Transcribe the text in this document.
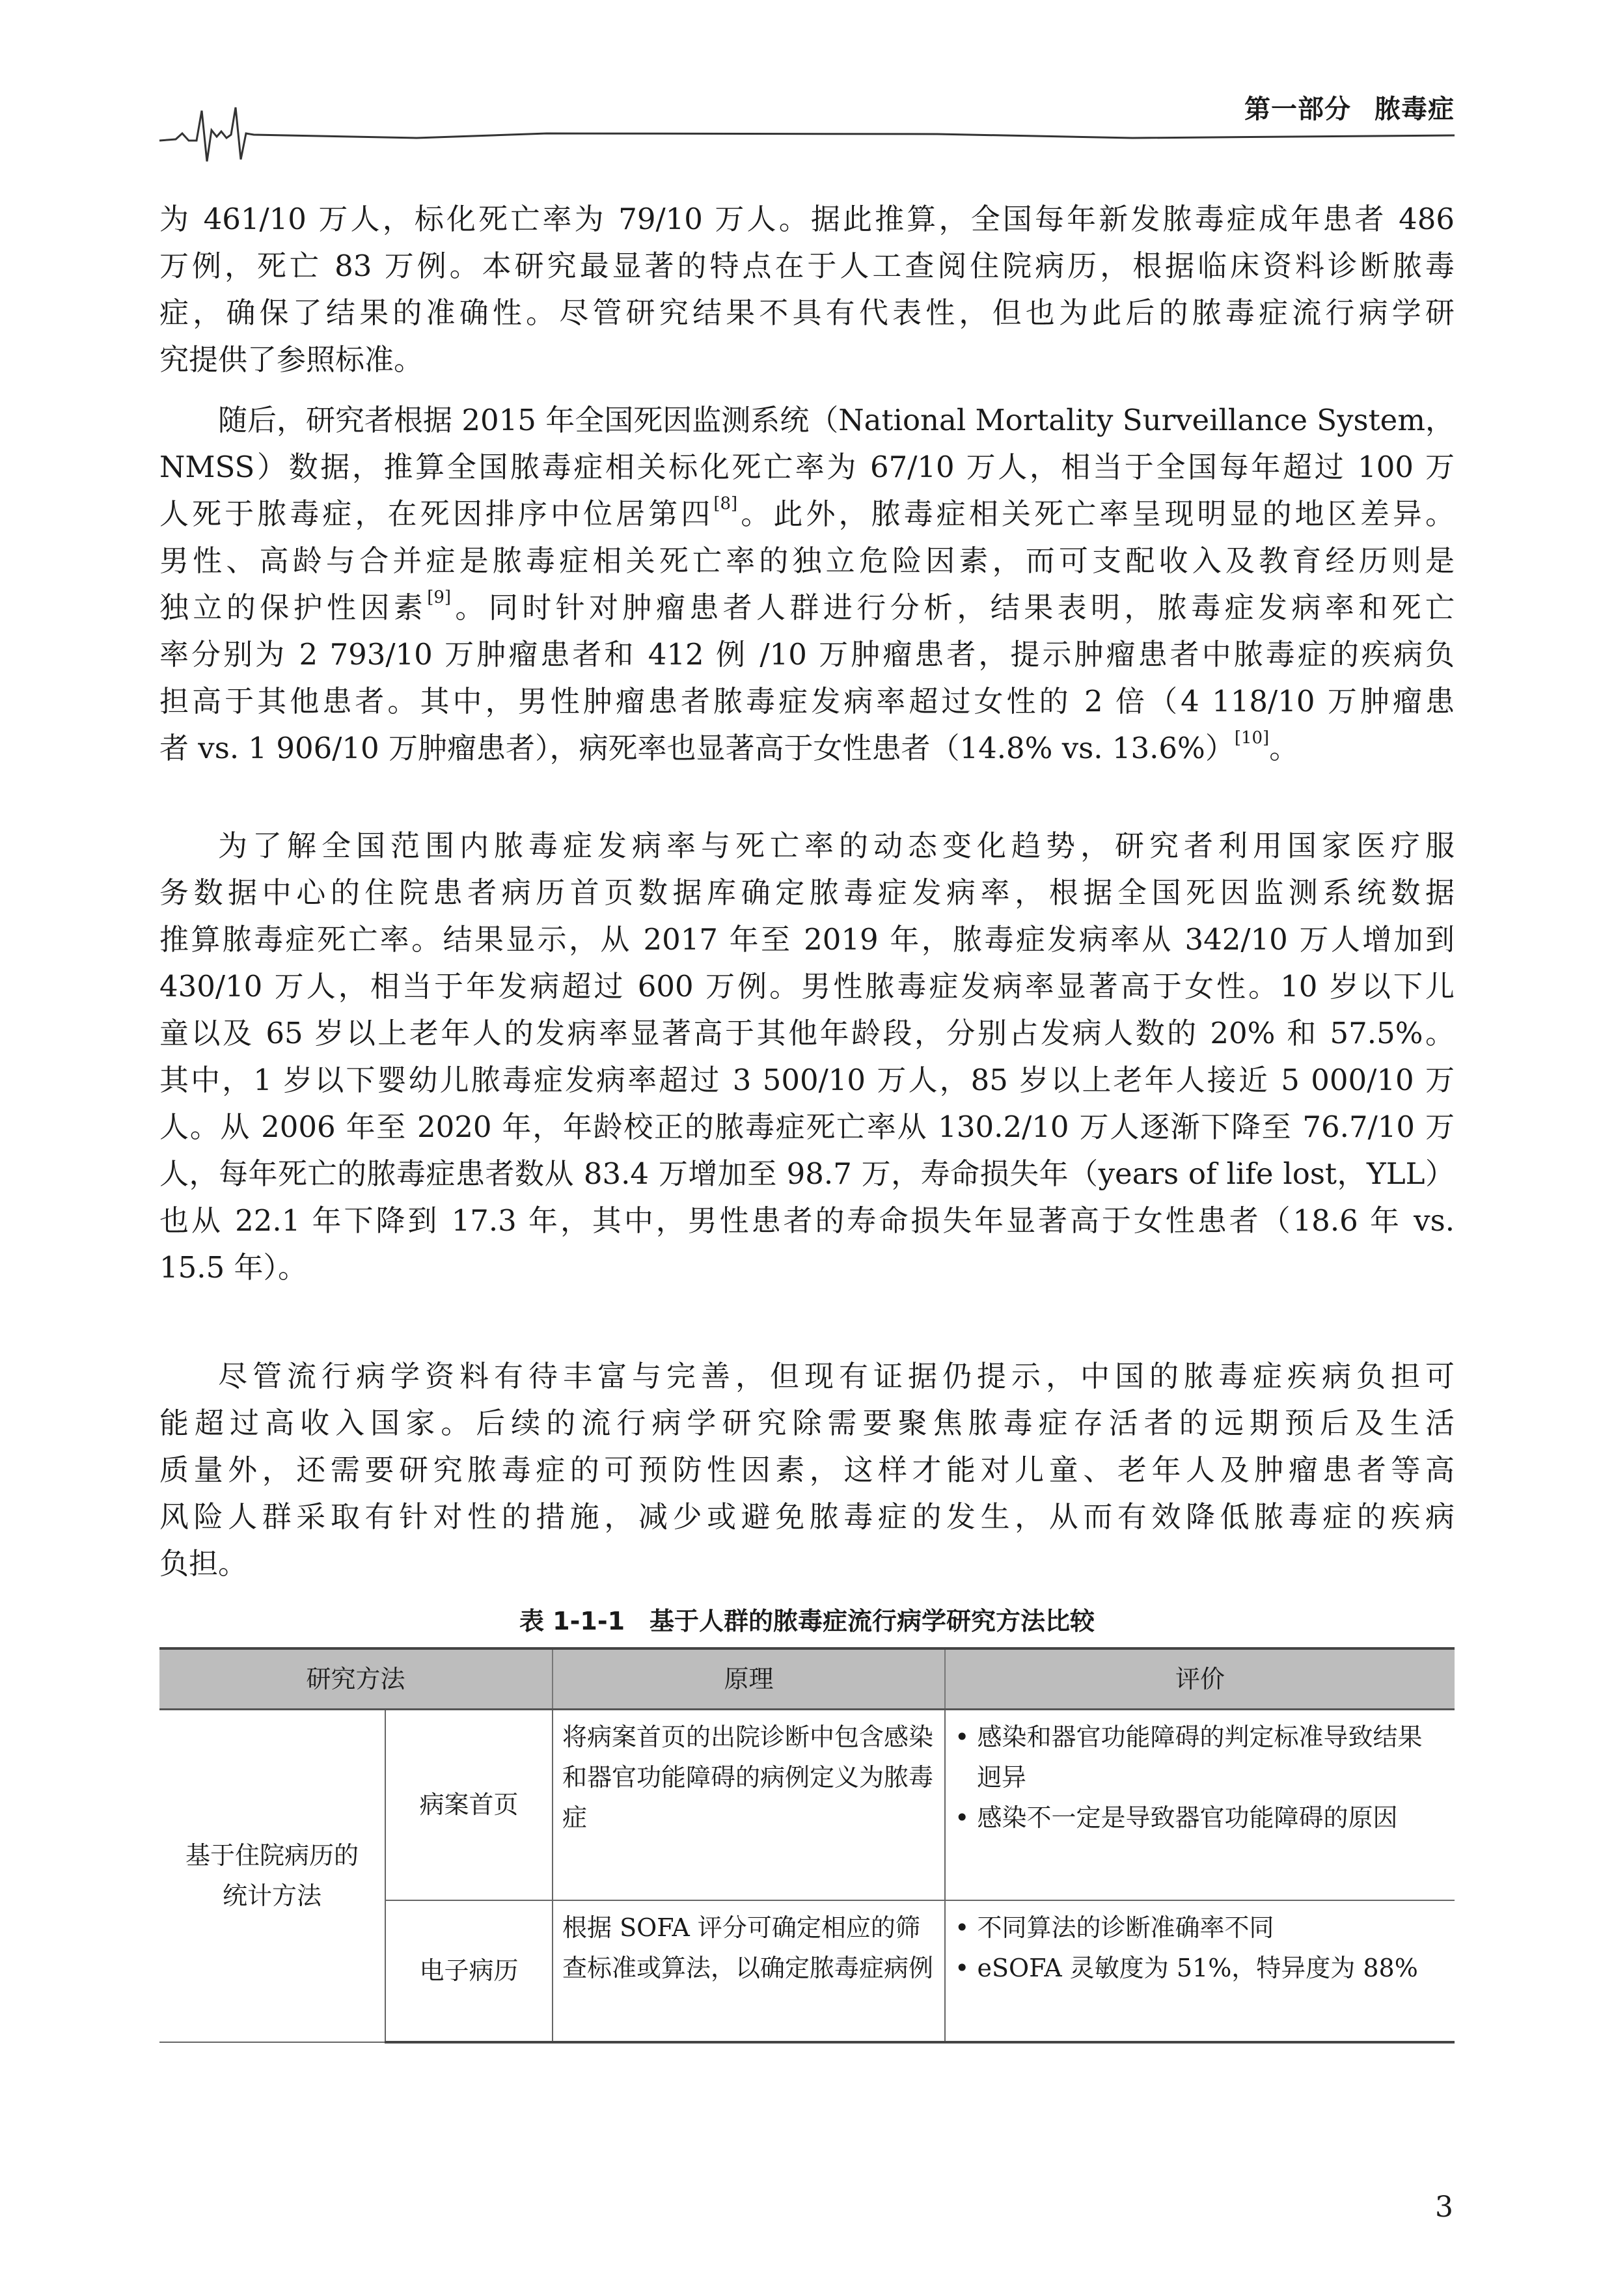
第一部分 脓毒症
为 461/10 万人，标化死亡率为 79/10 万人。据此推算，全国每年新发脓毒症成年患者 486
万例，死亡 83 万例。本研究最显著的特点在于人工查阅住院病历，根据临床资料诊断脓毒
症，确保了结果的准确性。尽管研究结果不具有代表性，但也为此后的脓毒症流行病学研
究提供了参照标准。
随后，研究者根据 2015 年全国死因监测系统（National Mortality Surveillance System，
NMSS）数据，推算全国脓毒症相关标化死亡率为 67/10 万人，相当于全国每年超过 100 万
人死于脓毒症，在死因排序中位居第四[8]。此外，脓毒症相关死亡率呈现明显的地区差异。
男性、高龄与合并症是脓毒症相关死亡率的独立危险因素，而可支配收入及教育经历则是
独立的保护性因素[9]。同时针对肿瘤患者人群进行分析，结果表明，脓毒症发病率和死亡
率分别为 2 793/10 万肿瘤患者和 412 例 /10 万肿瘤患者，提示肿瘤患者中脓毒症的疾病负
担高于其他患者。其中，男性肿瘤患者脓毒症发病率超过女性的 2 倍（4 118/10 万肿瘤患
者 vs. 1 906/10 万肿瘤患者），病死率也显著高于女性患者（14.8% vs. 13.6%）[10]。
为了解全国范围内脓毒症发病率与死亡率的动态变化趋势，研究者利用国家医疗服
务数据中心的住院患者病历首页数据库确定脓毒症发病率，根据全国死因监测系统数据
推算脓毒症死亡率。结果显示，从 2017 年至 2019 年，脓毒症发病率从 342/10 万人增加到
430/10 万人，相当于年发病超过 600 万例。男性脓毒症发病率显著高于女性。10 岁以下儿
童以及 65 岁以上老年人的发病率显著高于其他年龄段，分别占发病人数的 20% 和 57.5%。
其中，1 岁以下婴幼儿脓毒症发病率超过 3 500/10 万人，85 岁以上老年人接近 5 000/10 万
人。从 2006 年至 2020 年，年龄校正的脓毒症死亡率从 130.2/10 万人逐渐下降至 76.7/10 万
人，每年死亡的脓毒症患者数从 83.4 万增加至 98.7 万，寿命损失年（years of life lost，YLL）
也从 22.1 年下降到 17.3 年，其中，男性患者的寿命损失年显著高于女性患者（18.6 年 vs.
15.5 年）。
尽管流行病学资料有待丰富与完善，但现有证据仍提示，中国的脓毒症疾病负担可
能超过高收入国家。后续的流行病学研究除需要聚焦脓毒症存活者的远期预后及生活
质量外，还需要研究脓毒症的可预防性因素，这样才能对儿童、老年人及肿瘤患者等高
风险人群采取有针对性的措施，减少或避免脓毒症的发生，从而有效降低脓毒症的疾病
负担。
表 1-1-1　基于人群的脓毒症流行病学研究方法比较
研究方法		原理	评价
基于住院病历的统计方法	病案首页	将病案首页的出院诊断中包含感染和器官功能障碍的病例定义为脓毒症	• 感染和器官功能障碍的判定标准导致结果迥异
• 感染不一定是导致器官功能障碍的原因

	电子病历	根据 SOFA 评分可确定相应的筛查标准或算法，以确定脓毒症病例	• 不同算法的诊断准确率不同
• eSOFA 灵敏度为 51%，特异度为 88%
3
